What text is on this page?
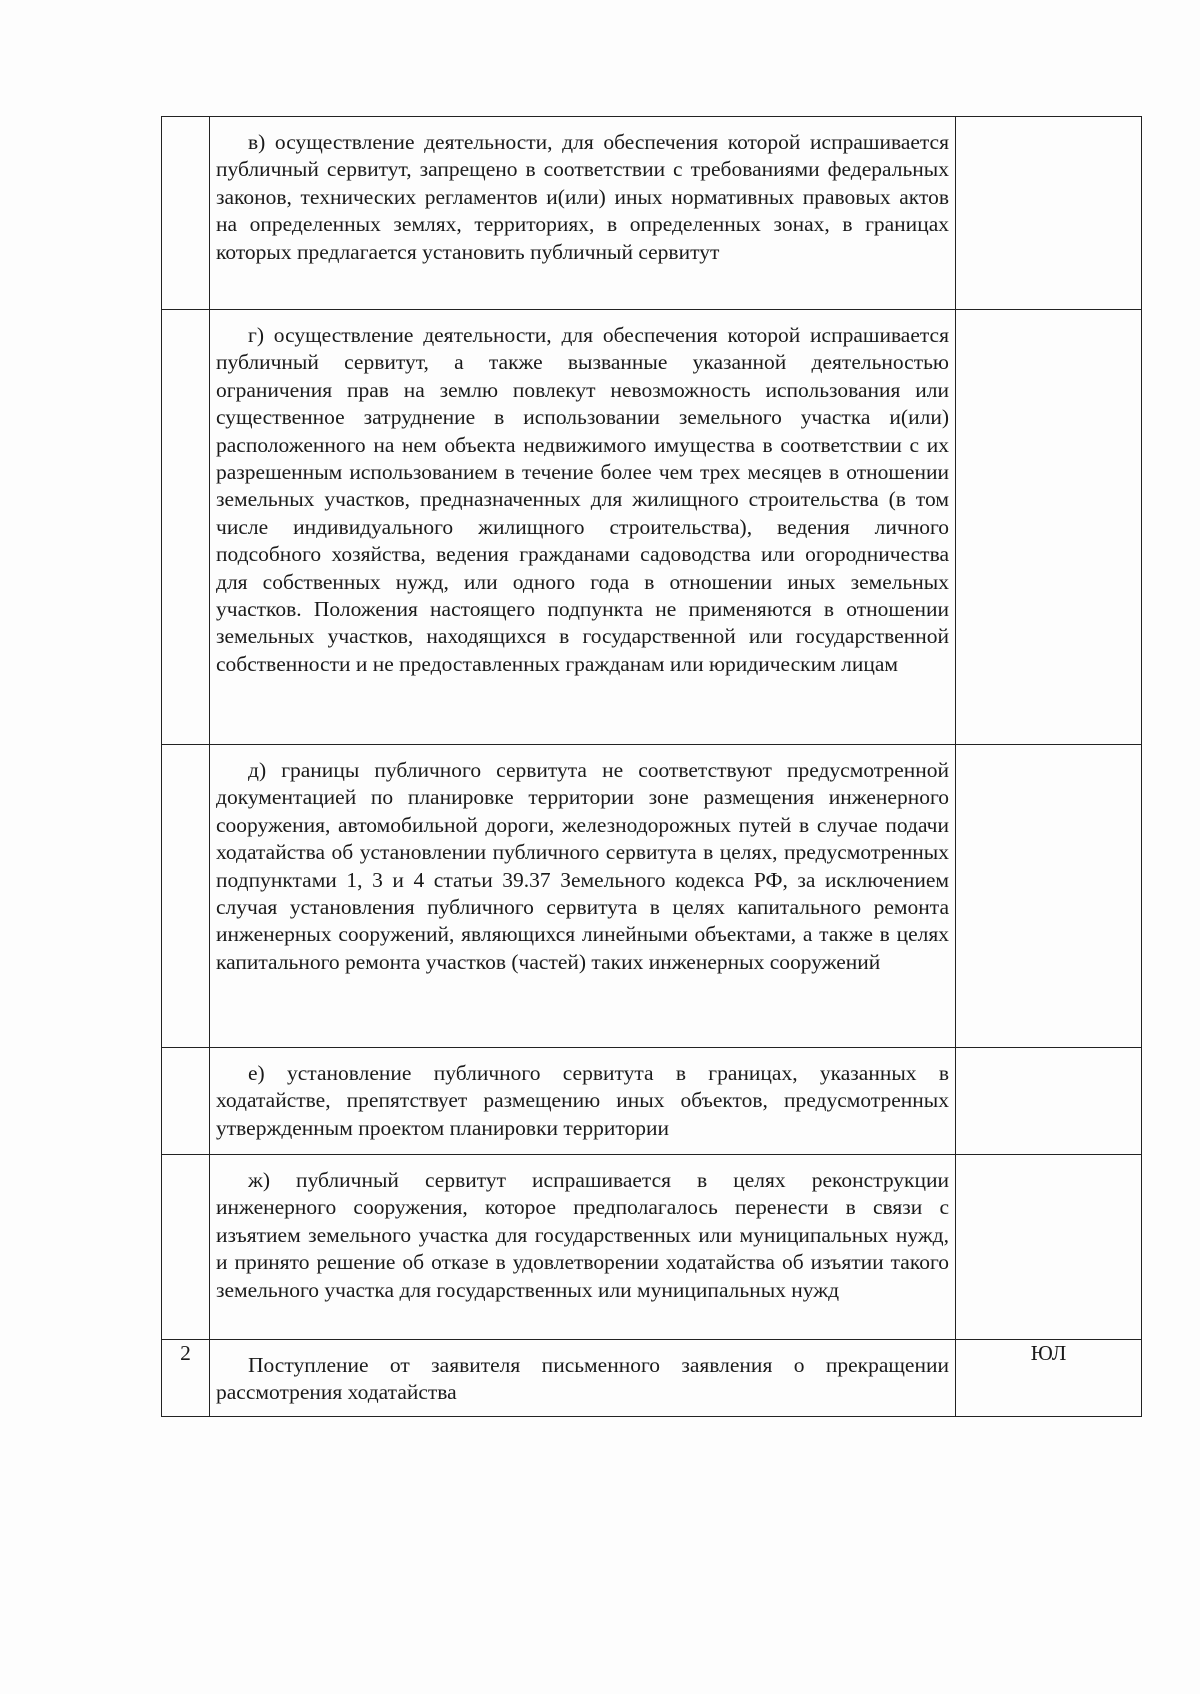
	в) осуществление деятельности, для обеспечения которой испрашивается публичный сервитут, запрещено в соответствии с требованиями федеральных законов, технических регламентов и(или) иных нормативных правовых актов на определенных землях, территориях, в определенных зонах, в границах которых предлагается установить публичный сервитут	

	г) осуществление деятельности, для обеспечения которой испрашивается публичный сервитут, а также вызванные указанной деятельностью ограничения прав на землю повлекут невозможность использования или существенное затруднение в использовании земельного участка и(или) расположенного на нем объекта недвижимого имущества в соответствии с их разрешенным использованием в течение более чем трех месяцев в отношении земельных участков, предназначенных для жилищного строительства (в том числе индивидуального жилищного строительства), ведения личного подсобного хозяйства, ведения гражданами садоводства или огородничества для собственных нужд, или одного года в отношении иных земельных участков. Положения настоящего подпункта не применяются в отношении земельных участков, находящихся в государственной или государственной собственности и не предоставленных гражданам или юридическим лицам	

	д) границы публичного сервитута не соответствуют предусмотренной документацией по планировке территории зоне размещения инженерного сооружения, автомобильной дороги, железнодорожных путей в случае подачи ходатайства об установлении публичного сервитута в целях, предусмотренных подпунктами 1, 3 и 4 статьи 39.37 Земельного кодекса РФ, за исключением случая установления публичного сервитута в целях капитального ремонта инженерных сооружений, являющихся линейными объектами, а также в целях капитального ремонта участков (частей) таких инженерных сооружений	

	е) установление публичного сервитута в границах, указанных в ходатайстве, препятствует размещению иных объектов, предусмотренных утвержденным проектом планировки территории	

	ж) публичный сервитут испрашивается в целях реконструкции инженерного сооружения, которое предполагалось перенести в связи с изъятием земельного участка для государственных или муниципальных нужд, и принято решение об отказе в удовлетворении ходатайства об изъятии такого земельного участка для государственных или муниципальных нужд	

2	Поступление от заявителя письменного заявления о прекращении рассмотрения ходатайства	ЮЛ
